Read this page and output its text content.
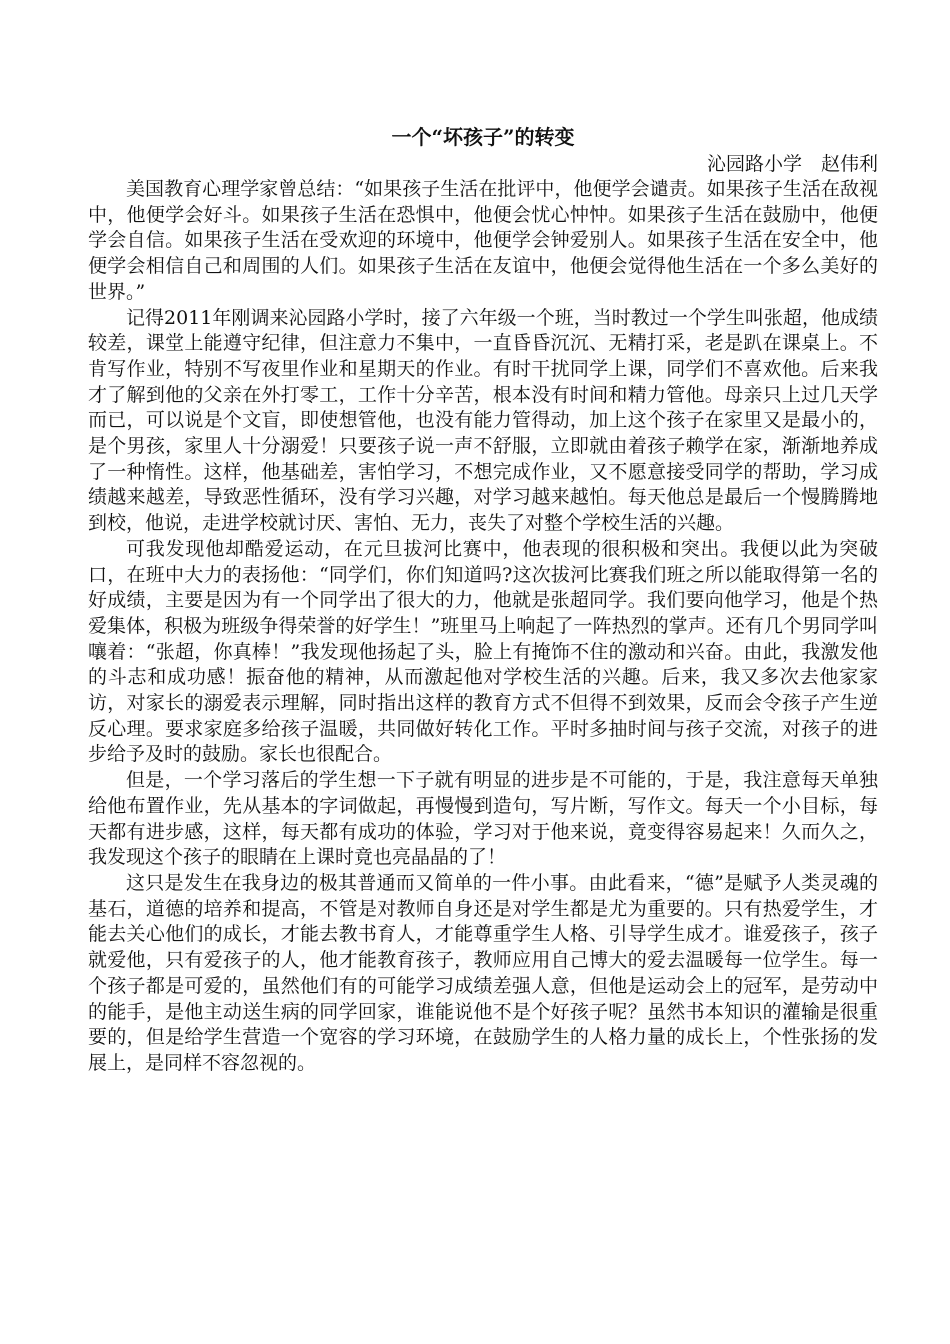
一个“坏孩子”的转变

沁园路小学　赵伟利

美国教育心理学家曾总结：“如果孩子生活在批评中，他便学会谴责。如果孩子生活在敌视中，他便学会好斗。如果孩子生活在恐惧中，他便会忧心忡忡。如果孩子生活在鼓励中，他便学会自信。如果孩子生活在受欢迎的环境中，他便学会钟爱别人。如果孩子生活在安全中，他便学会相信自己和周围的人们。如果孩子生活在友谊中，他便会觉得他生活在一个多么美好的世界。”

记得2011年刚调来沁园路小学时，接了六年级一个班，当时教过一个学生叫张超，他成绩较差，课堂上能遵守纪律，但注意力不集中，一直昏昏沉沉、无精打采，老是趴在课桌上。不肯写作业，特别不写夜里作业和星期天的作业。有时干扰同学上课，同学们不喜欢他。后来我才了解到他的父亲在外打零工，工作十分辛苦，根本没有时间和精力管他。母亲只上过几天学而已，可以说是个文盲，即使想管他，也没有能力管得动，加上这个孩子在家里又是最小的，是个男孩，家里人十分溺爱！只要孩子说一声不舒服，立即就由着孩子赖学在家，渐渐地养成了一种惰性。这样，他基础差，害怕学习，不想完成作业，又不愿意接受同学的帮助，学习成绩越来越差，导致恶性循环，没有学习兴趣，对学习越来越怕。每天他总是最后一个慢腾腾地到校，他说，走进学校就讨厌、害怕、无力，丧失了对整个学校生活的兴趣。

可我发现他却酷爱运动，在元旦拔河比赛中，他表现的很积极和突出。我便以此为突破口，在班中大力的表扬他：“同学们，你们知道吗?这次拔河比赛我们班之所以能取得第一名的好成绩，主要是因为有一个同学出了很大的力，他就是张超同学。我们要向他学习，他是个热爱集体，积极为班级争得荣誉的好学生！”班里马上响起了一阵热烈的掌声。还有几个男同学叫嚷着：“张超，你真棒！”我发现他扬起了头，脸上有掩饰不住的激动和兴奋。由此，我激发他的斗志和成功感！振奋他的精神，从而激起他对学校生活的兴趣。后来，我又多次去他家家访，对家长的溺爱表示理解，同时指出这样的教育方式不但得不到效果，反而会令孩子产生逆反心理。要求家庭多给孩子温暖，共同做好转化工作。平时多抽时间与孩子交流，对孩子的进步给予及时的鼓励。家长也很配合。

但是，一个学习落后的学生想一下子就有明显的进步是不可能的，于是，我注意每天单独给他布置作业，先从基本的字词做起，再慢慢到造句，写片断，写作文。每天一个小目标，每天都有进步感，这样，每天都有成功的体验，学习对于他来说，竟变得容易起来！久而久之，我发现这个孩子的眼睛在上课时竟也亮晶晶的了！

这只是发生在我身边的极其普通而又简单的一件小事。由此看来，“德”是赋予人类灵魂的基石，道德的培养和提高，不管是对教师自身还是对学生都是尤为重要的。只有热爱学生，才能去关心他们的成长，才能去教书育人，才能尊重学生人格、引导学生成才。谁爱孩子，孩子就爱他，只有爱孩子的人，他才能教育孩子，教师应用自己博大的爱去温暖每一位学生。每一个孩子都是可爱的，虽然他们有的可能学习成绩差强人意，但他是运动会上的冠军，是劳动中的能手，是他主动送生病的同学回家，谁能说他不是个好孩子呢？虽然书本知识的灌输是很重要的，但是给学生营造一个宽容的学习环境，在鼓励学生的人格力量的成长上，个性张扬的发展上，是同样不容忽视的。
